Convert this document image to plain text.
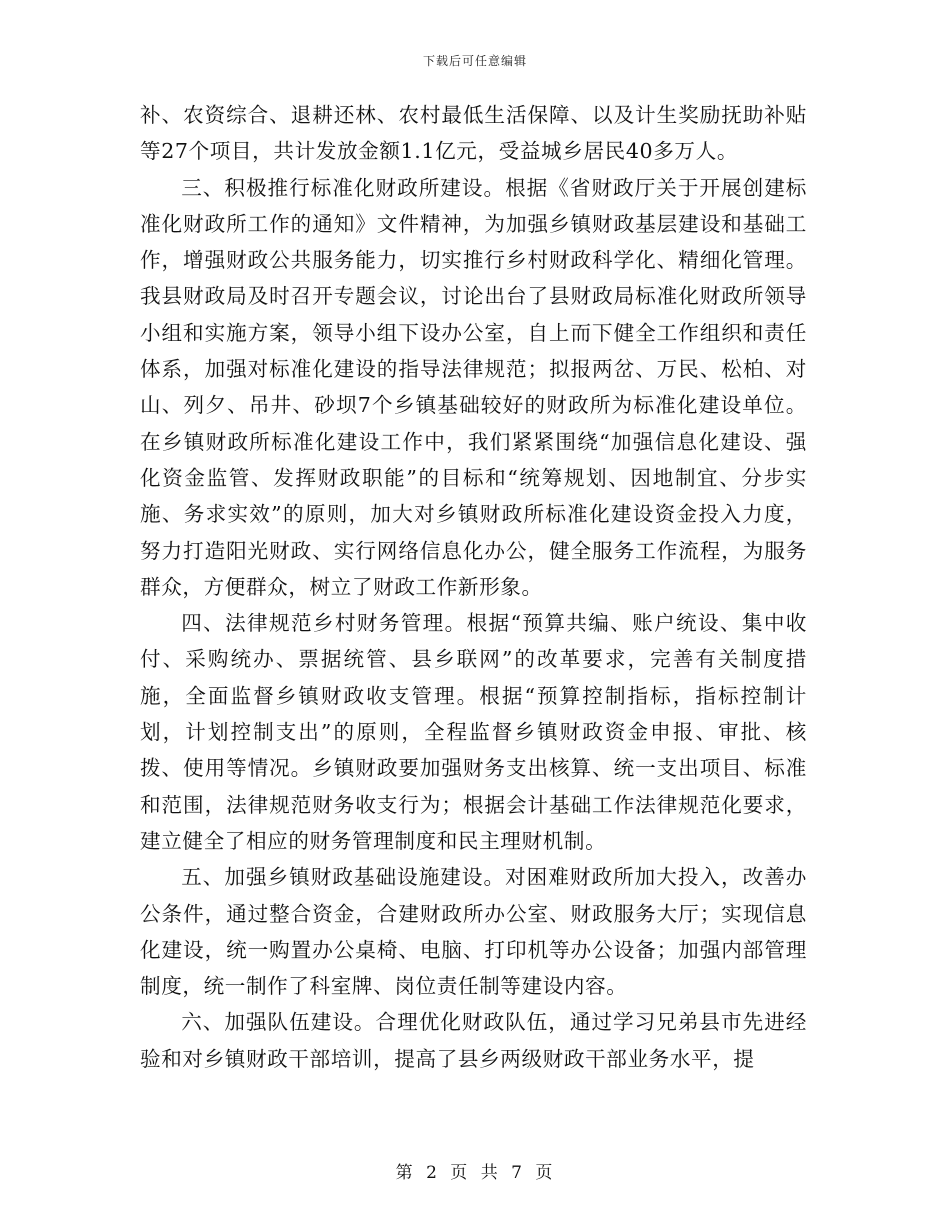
下载后可任意编辑

补、农资综合、退耕还林、农村最低生活保障、以及计生奖励抚助补贴等27个项目，共计发放金额1.1亿元，受益城乡居民40多万人。

三、积极推行标准化财政所建设。根据《省财政厅关于开展创建标准化财政所工作的通知》文件精神，为加强乡镇财政基层建设和基础工作，增强财政公共服务能力，切实推行乡村财政科学化、精细化管理。我县财政局及时召开专题会议，讨论出台了县财政局标准化财政所领导小组和实施方案，领导小组下设办公室，自上而下健全工作组织和责任体系，加强对标准化建设的指导法律规范；拟报两岔、万民、松柏、对山、列夕、吊井、砂坝7个乡镇基础较好的财政所为标准化建设单位。在乡镇财政所标准化建设工作中，我们紧紧围绕“加强信息化建设、强化资金监管、发挥财政职能”的目标和“统筹规划、因地制宜、分步实施、务求实效”的原则，加大对乡镇财政所标准化建设资金投入力度，努力打造阳光财政、实行网络信息化办公，健全服务工作流程，为服务群众，方便群众，树立了财政工作新形象。

四、法律规范乡村财务管理。根据“预算共编、账户统设、集中收付、采购统办、票据统管、县乡联网”的改革要求，完善有关制度措施，全面监督乡镇财政收支管理。根据“预算控制指标，指标控制计划，计划控制支出”的原则，全程监督乡镇财政资金申报、审批、核拨、使用等情况。乡镇财政要加强财务支出核算、统一支出项目、标准和范围，法律规范财务收支行为；根据会计基础工作法律规范化要求，建立健全了相应的财务管理制度和民主理财机制。

五、加强乡镇财政基础设施建设。对困难财政所加大投入，改善办公条件，通过整合资金，合建财政所办公室、财政服务大厅；实现信息化建设，统一购置办公桌椅、电脑、打印机等办公设备；加强内部管理制度，统一制作了科室牌、岗位责任制等建设内容。

六、加强队伍建设。合理优化财政队伍，通过学习兄弟县市先进经验和对乡镇财政干部培训，提高了县乡两级财政干部业务水平，提

第 2 页 共 7 页
